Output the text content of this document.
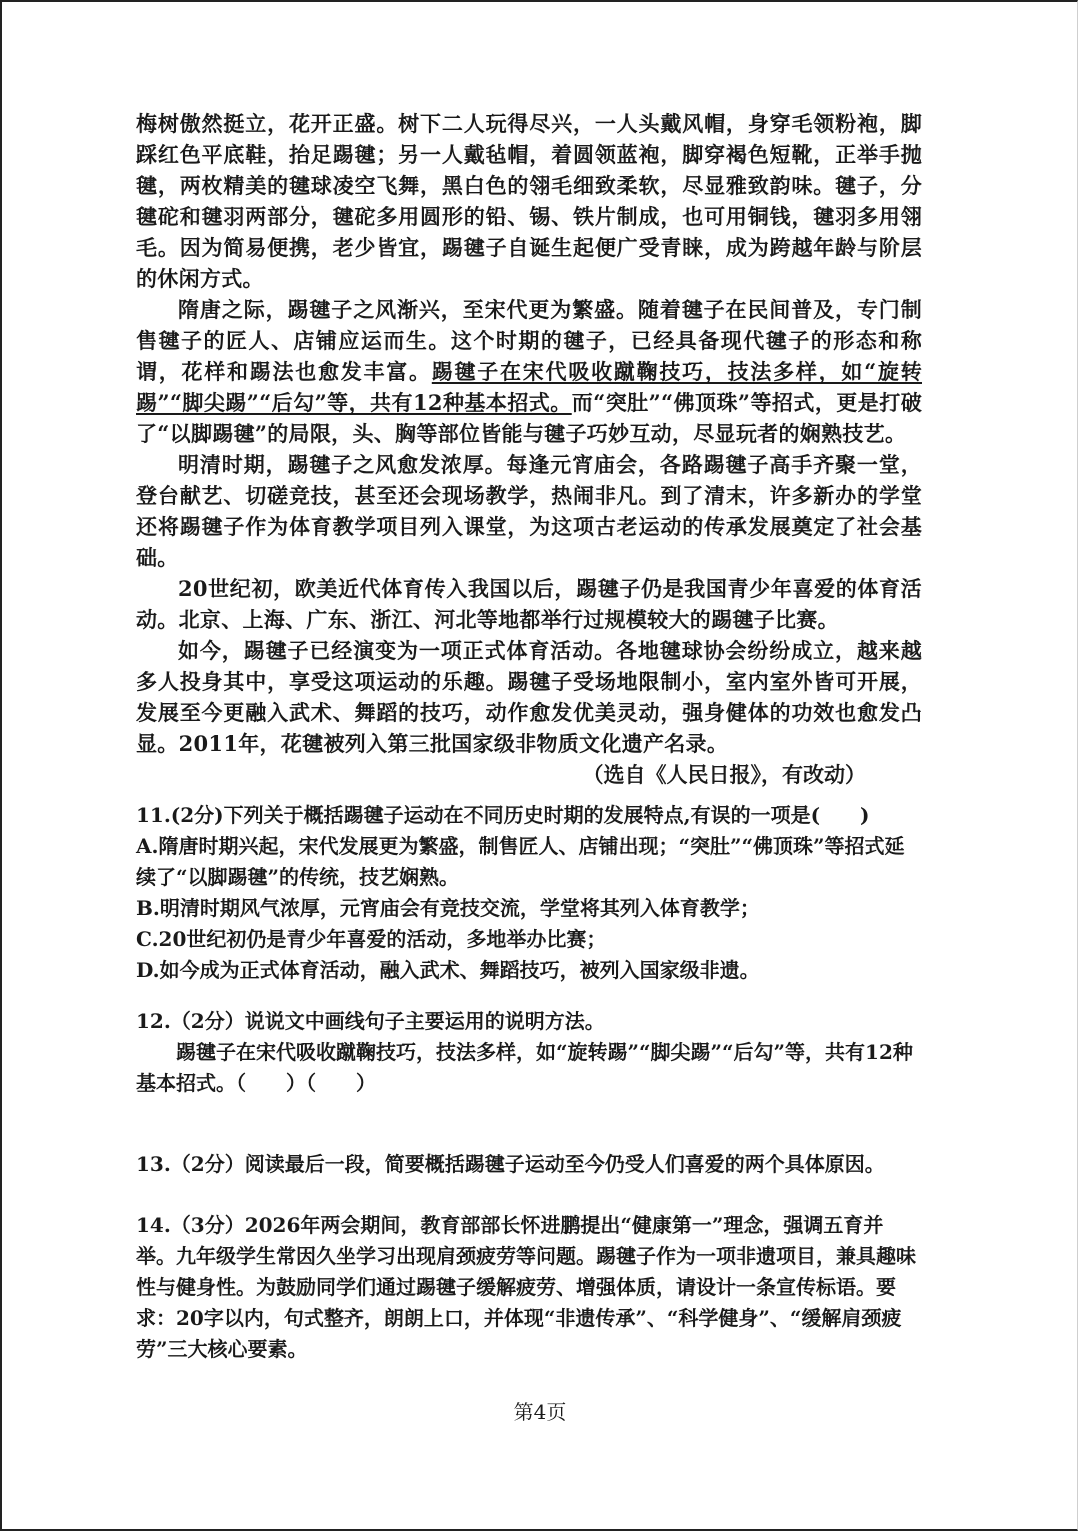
梅树傲然挺立，花开正盛。树下二人玩得尽兴，一人头戴风帽，身穿毛领粉袍，脚踩红色平底鞋，抬足踢毽；另一人戴毡帽，着圆领蓝袍，脚穿褐色短靴，正举手抛毽，两枚精美的毽球凌空飞舞，黑白色的翎毛细致柔软，尽显雅致韵味。毽子，分毽砣和毽羽两部分，毽砣多用圆形的铅、锡、铁片制成，也可用铜钱，毽羽多用翎毛。因为简易便携，老少皆宜，踢毽子自诞生起便广受青睐，成为跨越年龄与阶层的休闲方式。

隋唐之际，踢毽子之风渐兴，至宋代更为繁盛。随着毽子在民间普及，专门制售毽子的匠人、店铺应运而生。这个时期的毽子，已经具备现代毽子的形态和称谓，花样和踢法也愈发丰富。踢毽子在宋代吸收蹴鞠技巧，技法多样，如“旋转踢”“脚尖踢”“后勾”等，共有12种基本招式。而“突肚”“佛顶珠”等招式，更是打破了“以脚踢毽”的局限，头、胸等部位皆能与毽子巧妙互动，尽显玩者的娴熟技艺。

明清时期，踢毽子之风愈发浓厚。每逢元宵庙会，各路踢毽子高手齐聚一堂，登台献艺、切磋竞技，甚至还会现场教学，热闹非凡。到了清末，许多新办的学堂还将踢毽子作为体育教学项目列入课堂，为这项古老运动的传承发展奠定了社会基础。

20世纪初，欧美近代体育传入我国以后，踢毽子仍是我国青少年喜爱的体育活动。北京、上海、广东、浙江、河北等地都举行过规模较大的踢毽子比赛。

如今，踢毽子已经演变为一项正式体育活动。各地毽球协会纷纷成立，越来越多人投身其中，享受这项运动的乐趣。踢毽子受场地限制小，室内室外皆可开展，发展至今更融入武术、舞蹈的技巧，动作愈发优美灵动，强身健体的功效也愈发凸显。2011年，花毽被列入第三批国家级非物质文化遗产名录。

（选自《人民日报》，有改动）

11.(2分)下列关于概括踢毽子运动在不同历史时期的发展特点,有误的一项是(　　)

A.隋唐时期兴起，宋代发展更为繁盛，制售匠人、店铺出现；“突肚”“佛顶珠”等招式延续了“以脚踢毽”的传统，技艺娴熟。

B.明清时期风气浓厚，元宵庙会有竞技交流，学堂将其列入体育教学；

C.20世纪初仍是青少年喜爱的活动，多地举办比赛；

D.如今成为正式体育活动，融入武术、舞蹈技巧，被列入国家级非遗。

12.（2分）说说文中画线句子主要运用的说明方法。

踢毽子在宋代吸收蹴鞠技巧，技法多样，如“旋转踢”“脚尖踢”“后勾”等，共有12种基本招式。（　　）（　　）

13.（2分）阅读最后一段，简要概括踢毽子运动至今仍受人们喜爱的两个具体原因。

14.（3分）2026年两会期间，教育部部长怀进鹏提出“健康第一”理念，强调五育并举。九年级学生常因久坐学习出现肩颈疲劳等问题。踢毽子作为一项非遗项目，兼具趣味性与健身性。为鼓励同学们通过踢毽子缓解疲劳、增强体质，请设计一条宣传标语。要求：20字以内，句式整齐，朗朗上口，并体现“非遗传承”、“科学健身”、“缓解肩颈疲劳”三大核心要素。

第4页
